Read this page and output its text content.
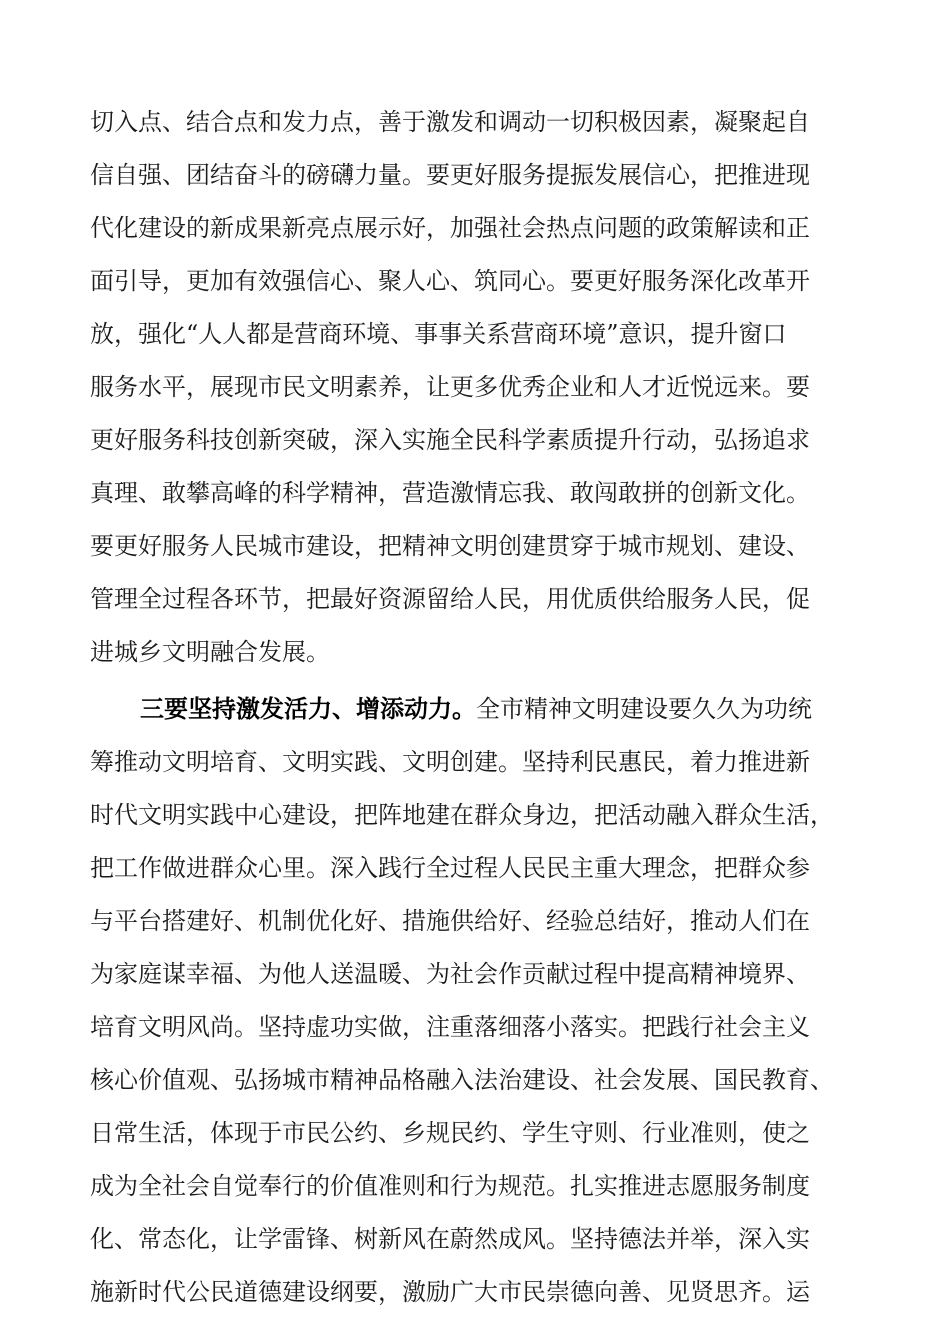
切入点、结合点和发力点，善于激发和调动一切积极因素，凝聚起自
信自强、团结奋斗的磅礴力量。要更好服务提振发展信心，把推进现
代化建设的新成果新亮点展示好，加强社会热点问题的政策解读和正
面引导，更加有效强信心、聚人心、筑同心。要更好服务深化改革开
放，强化“人人都是营商环境、事事关系营商环境”意识，提升窗口
服务水平，展现市民文明素养，让更多优秀企业和人才近悦远来。要
更好服务科技创新突破，深入实施全民科学素质提升行动，弘扬追求
真理、敢攀高峰的科学精神，营造激情忘我、敢闯敢拼的创新文化。
要更好服务人民城市建设，把精神文明创建贯穿于城市规划、建设、
管理全过程各环节，把最好资源留给人民，用优质供给服务人民，促
进城乡文明融合发展。
三要坚持激发活力、增添动力。全市精神文明建设要久久为功统
筹推动文明培育、文明实践、文明创建。坚持利民惠民，着力推进新
时代文明实践中心建设，把阵地建在群众身边，把活动融入群众生活，
把工作做进群众心里。深入践行全过程人民民主重大理念，把群众参
与平台搭建好、机制优化好、措施供给好、经验总结好，推动人们在
为家庭谋幸福、为他人送温暖、为社会作贡献过程中提高精神境界、
培育文明风尚。坚持虚功实做，注重落细落小落实。把践行社会主义
核心价值观、弘扬城市精神品格融入法治建设、社会发展、国民教育、
日常生活，体现于市民公约、乡规民约、学生守则、行业准则，使之
成为全社会自觉奉行的价值准则和行为规范。扎实推进志愿服务制度
化、常态化，让学雷锋、树新风在蔚然成风。坚持德法并举，深入实
施新时代公民道德建设纲要，激励广大市民崇德向善、见贤思齐。运
